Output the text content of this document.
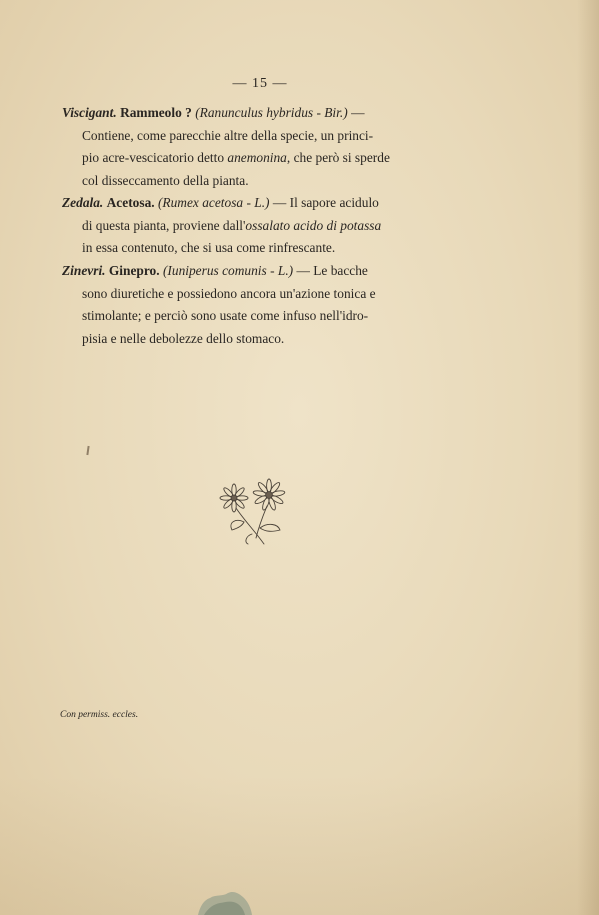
— 15 —
Viscigant. Rammeolo ? (Ranunculus hybridus - Bir.) —
Contiene, come parecchie altre della specie, un princi-
pio acre-vescicatorio detto anemonina, che però si sperde
col disseccamento della pianta.
Zedala. Acetosa. (Rumex acetosa - L.) — Il sapore acidulo
di questa pianta, proviene dall'ossalato acido di potassa
in essa contenuto, che si usa come rinfrescante.
Zinevri. Ginepro. (Iuniperus comunis - L.) — Le bacche
sono diuretiche e possiedono ancora un'azione tonica e
stimolante; e perciò sono usate come infuso nell'idro-
pisia e nelle debolezze dello stomaco.
Con permiss. eccles.
